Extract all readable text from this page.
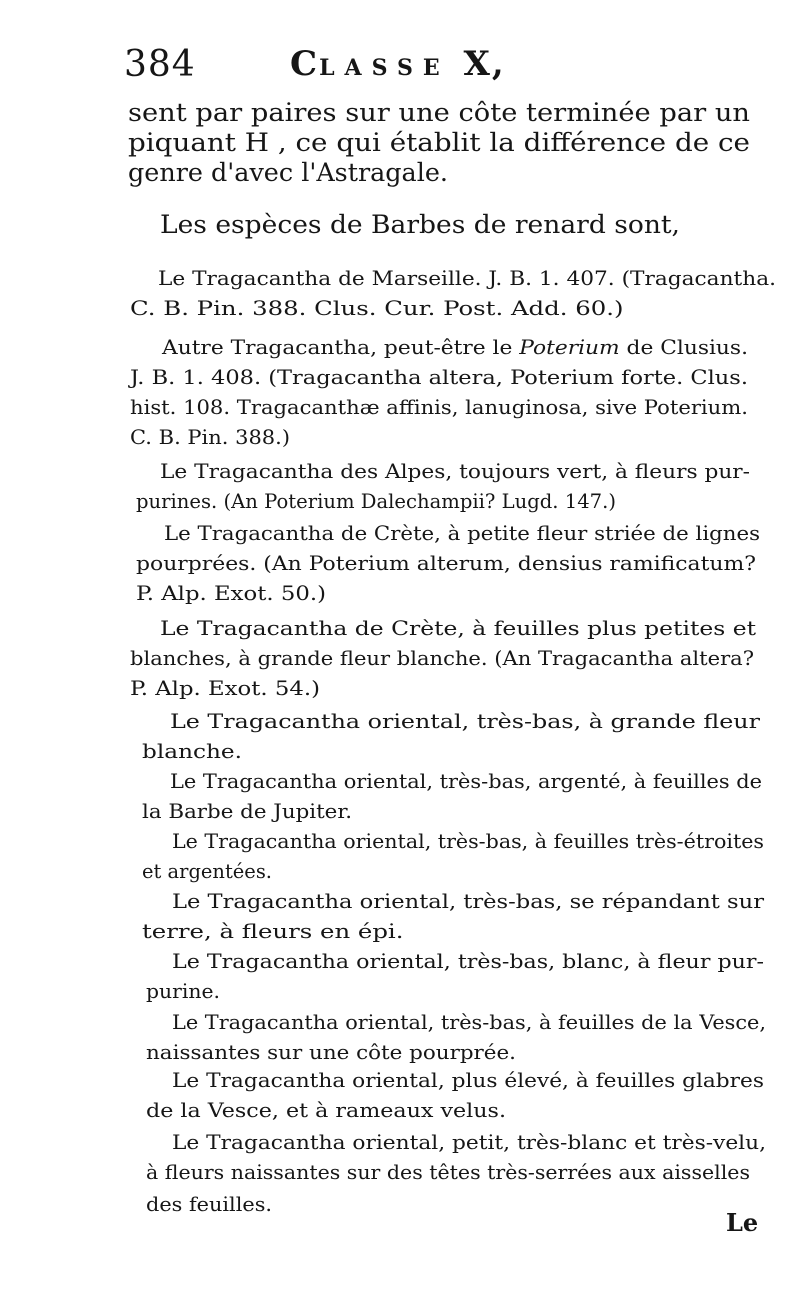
384	CLASSE X,
sent par paires sur une côte terminée par un
piquant H , ce qui établit la différence de ce
genre d'avec l'Astragale.
Les espèces de Barbes de renard sont,
Le Tragacantha de Marseille. J. B. 1. 407. (Tragacantha.
C. B. Pin. 388. Clus. Cur. Post. Add. 60.)
Autre Tragacantha, peut-être le Poterium de Clusius.
J. B. 1. 408. (Tragacantha altera, Poterium forte. Clus.
hist. 108. Tragacanthæ affinis, lanuginosa, sive Poterium.
C. B. Pin. 388.)
Le Tragacantha des Alpes, toujours vert, à fleurs pur-
purines. (An Poterium Dalechampii? Lugd. 147.)
Le Tragacantha de Crète, à petite fleur striée de lignes
pourprées. (An Poterium alterum, densius ramificatum?
P. Alp. Exot. 50.)
Le Tragacantha de Crète, à feuilles plus petites et
blanches, à grande fleur blanche. (An Tragacantha altera?
P. Alp. Exot. 54.)
Le Tragacantha oriental, très-bas, à grande fleur
blanche.
Le Tragacantha oriental, très-bas, argenté, à feuilles de
la Barbe de Jupiter.
Le Tragacantha oriental, très-bas, à feuilles très-étroites
et argentées.
Le Tragacantha oriental, très-bas, se répandant sur
terre, à fleurs en épi.
Le Tragacantha oriental, très-bas, blanc, à fleur pur-
purine.
Le Tragacantha oriental, très-bas, à feuilles de la Vesce,
naissantes sur une côte pourprée.
Le Tragacantha oriental, plus élevé, à feuilles glabres
de la Vesce, et à rameaux velus.
Le Tragacantha oriental, petit, très-blanc et très-velu,
à fleurs naissantes sur des têtes très-serrées aux aisselles
des feuilles.
Le
